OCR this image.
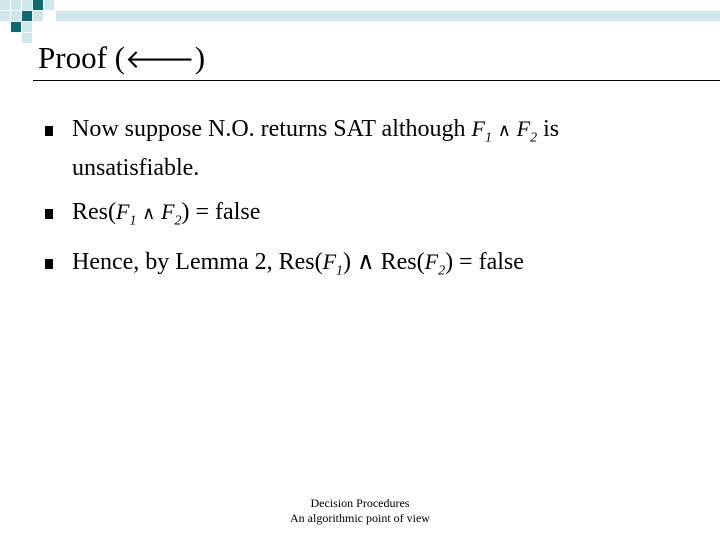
Proof (🡐)
Now suppose N.O. returns SAT although $F_1$ ∧ $F_2$ is unsatisfiable.
$Res(F_1$ ∧ $F_2$) = false
Hence, by Lemma 2, $Res(F_1)$ ∧ $Res(F_2)$ = false
Decision Procedures
An algorithmic point of view
